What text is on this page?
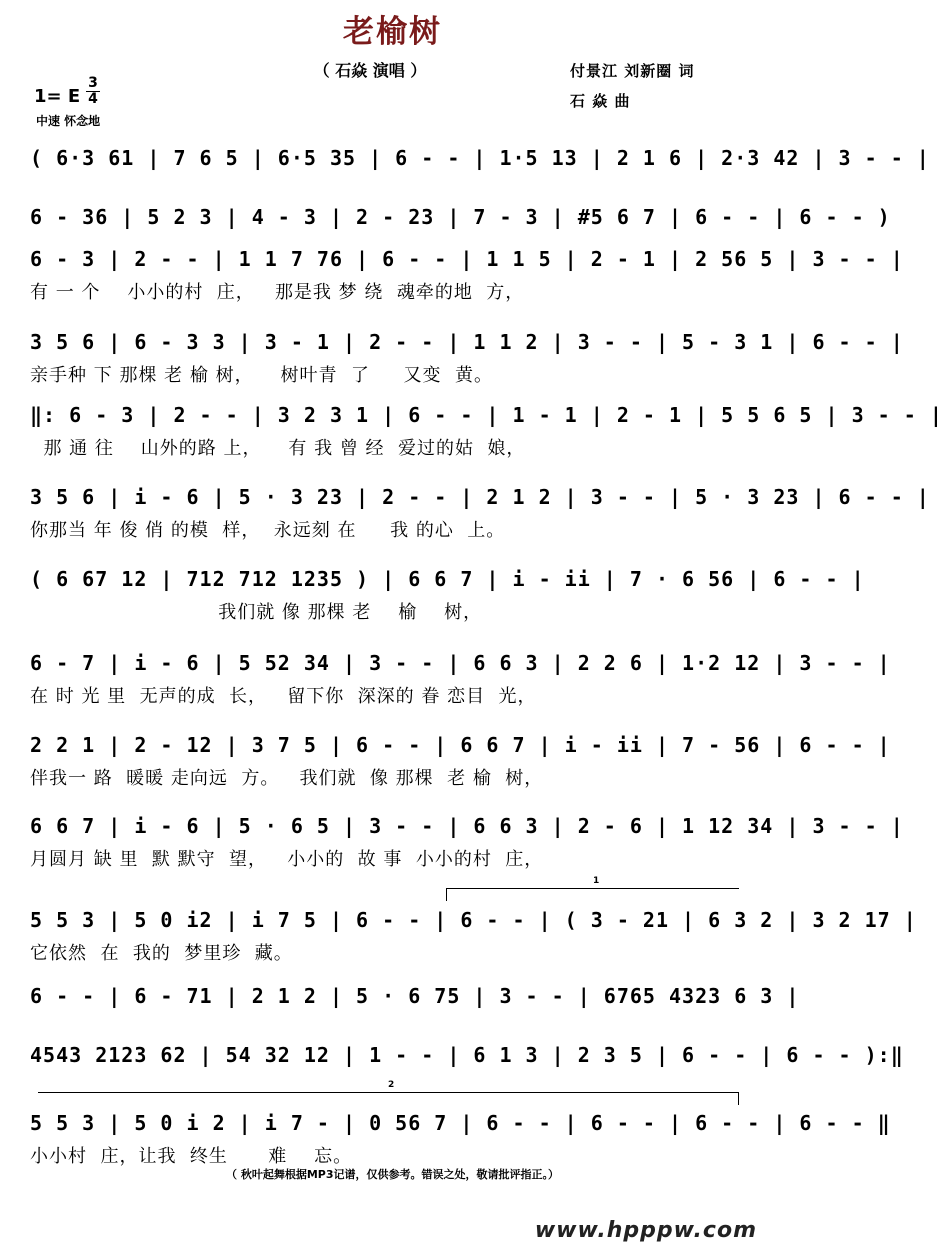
老榆树
（ 石焱 演唱 ）	付景江 刘新圈 词
石 焱 曲
1= E
3
4
中速 怀念地
( 6·3 61 | 7 6 5 | 6·5 35 | 6 - - | 1·5 13 | 2 1 6 | 2·3 42 | 3 - - |
6 - 36 | 5 2 3 | 4 - 3 | 2 - 23 | 7 - 3 | #5 6 7 | 6 - - | 6 - - )
6 - 3 | 2 - - | 1 1 7 76 | 6 - - | 1 1 5 | 2 - 1 | 2 56 5 | 3 - - |
有 一 个    小小的村  庄，   那是我 梦 绕  魂牵的地  方，
3 5 6 | 6 - 3 3 | 3 - 1 | 2 - - | 1 1 2 | 3 - - | 5 - 3 1 | 6 - - |
亲手种 下 那棵 老 榆 树，    树叶青  了     又变  黄。
‖: 6 - 3 | 2 - - | 3 2 3 1 | 6 - - | 1 - 1 | 2 - 1 | 5 5 6 5 | 3 - - |
那 通 往    山外的路 上，    有 我 曾 经  爱过的姑  娘，
3 5 6 | i - 6 | 5 · 3 23 | 2 - - | 2 1 2 | 3 - - | 5 · 3 23 | 6 - - |
你那当 年 俊 俏 的模  样，  永远刻 在     我 的心  上。
( 6 67 12 | 712 712 1235 ) | 6 6 7 | i - ii | 7 · 6 56 | 6 - - |
我们就 像 那棵 老    榆    树，
6 - 7 | i - 6 | 5 52 34 | 3 - - | 6 6 3 | 2 2 6 | 1·2 12 | 3 - - |
在 时 光 里  无声的成  长，   留下你  深深的 眷 恋目  光，
2 2 1 | 2 - 12 | 3 7 5 | 6 - - | 6 6 7 | i - ii | 7 - 56 | 6 - - |
伴我一 路  暖暖 走向远  方。   我们就  像 那棵  老 榆  树，
6 6 7 | i - 6 | 5 · 6 5 | 3 - - | 6 6 3 | 2 - 6 | 1 12 34 | 3 - - |
月圆月 缺 里  默 默守  望，   小小的  故 事  小小的村  庄，
1
5 5 3 | 5 0 i2 | i 7 5 | 6 - - | 6 - - | ( 3 - 21 | 6 3 2 | 3 2 17 |
它依然  在  我的  梦里珍  藏。
6 - - | 6 - 71 | 2 1 2 | 5 · 6 75 | 3 - - | 6765 4323 6 3 |
4543 2123 62 | 54 32 12 | 1 - - | 6 1 3 | 2 3 5 | 6 - - | 6 - - ):‖
2
5 5 3 | 5 0 i 2 | i 7 - | 0 56 7 | 6 - - | 6 - - | 6 - - | 6 - - ‖
小小村  庄，让我  终生      难    忘。
（ 秋叶起舞根据MP3记谱，仅供参考。错误之处，敬请批评指正。）
www.hpppw.com
